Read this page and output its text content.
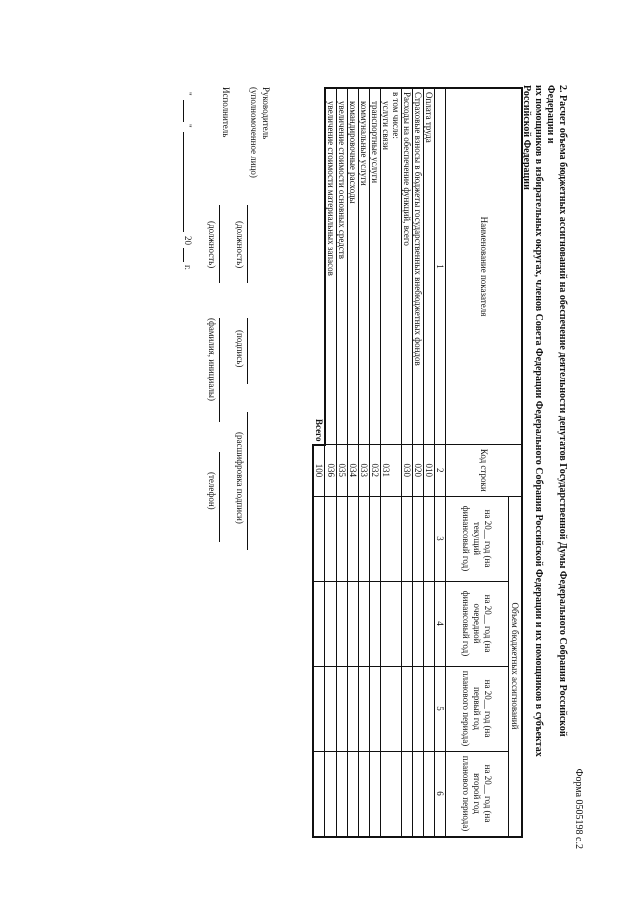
Форма 0505198 с.2
2. Расчет объема бюджетных ассигнований на обеспечение деятельности депутатов Государственной Думы Федерального Собрания Российской Федерации и
их помощников в избирательных округах, членов Совета Федерации Федерального Собрания Российской Федерации и их помощников в субъектах
Российской Федерации
Наименование показателя	Код строки	Объем бюджетных ассигнований			
		на 20__ год (на текущий финансовый год)	на 20__ год (на очередной финансовый год)	на 20__ год (на первый год планового периода)	на 20__ год (на второй год планового периода)
1	2	3	4	5	6
Оплата труда	010				
Страховые взносы в бюджеты государственных внебюджетных фондов	020				
Расходы на обеспечение функций, всего	030				
в том числе:					
услуги связи	031				
транспортные услуги	032				
коммунальные услуги	033				
командировочные расходы	034				
увеличение стоимости основных средств	035				
увеличение стоимости материальных запасов	036				
Всего	100				
Руководитель
(уполномоченное лицо)
(должность)
(подпись)
(расшифровка подписи)
Исполнитель
(должность)
(фамилия, инициалы)
(телефон)
"
"
20
г.
